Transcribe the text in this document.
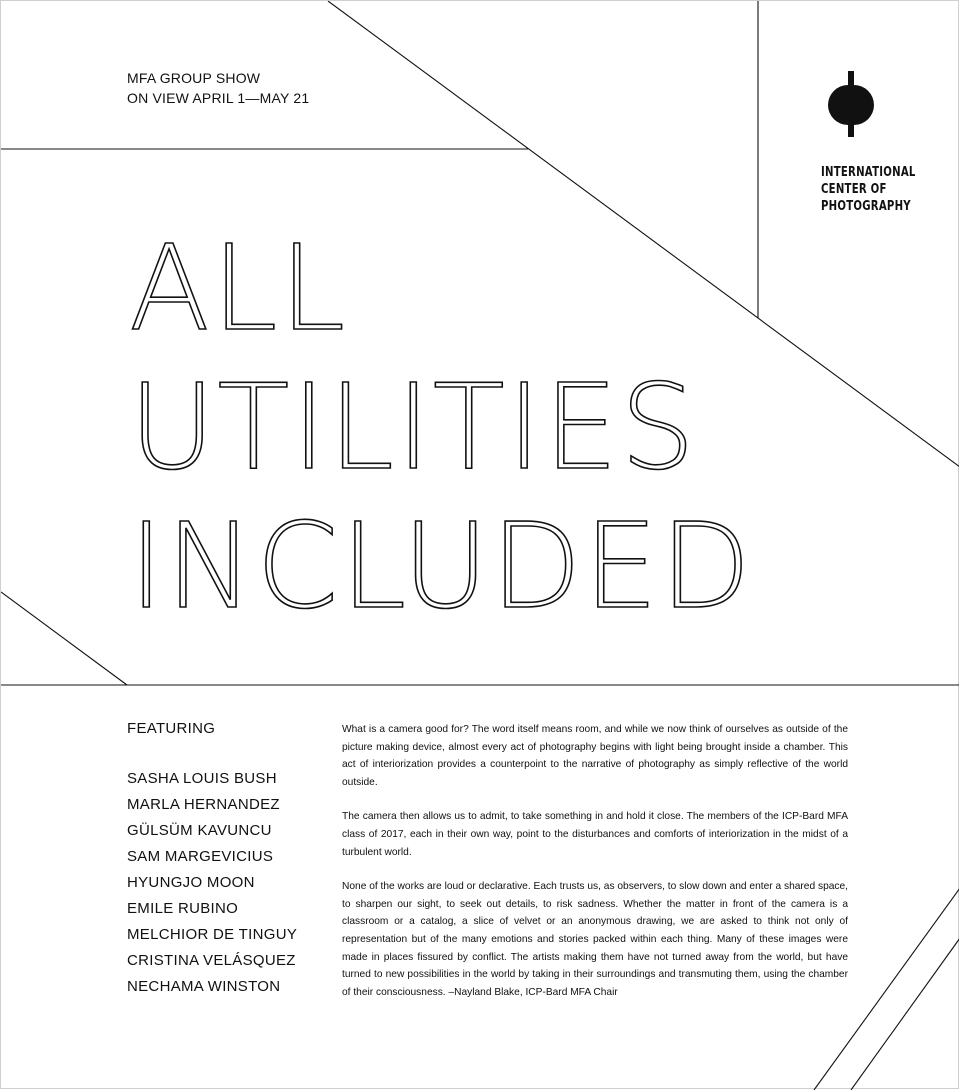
MFA GROUP SHOW
ON VIEW APRIL 1—MAY 21
INTERNATIONAL
CENTER OF
PHOTOGRAPHY
ALL
UTILITIES
INCLUDED
FEATURING
SASHA LOUIS BUSH
MARLA HERNANDEZ
GÜLSÜM KAVUNCU
SAM MARGEVICIUS
HYUNGJO MOON
EMILE RUBINO
MELCHIOR DE TINGUY
CRISTINA VELÁSQUEZ
NECHAMA WINSTON

What is a camera good for? The word itself means room, and while we now think of ourselves as outside of the picture making device, almost every act of photography begins with light being brought inside a chamber. This act of interiorization provides a counterpoint to the narrative of photography as simply reflective of the world outside.

The camera then allows us to admit, to take something in and hold it close. The members of the ICP-Bard MFA class of 2017, each in their own way, point to the disturbances and comforts of interiorization in the midst of a turbulent world.

None of the works are loud or declarative. Each trusts us, as observers, to slow down and enter a shared space, to sharpen our sight, to seek out details, to risk sadness. Whether the matter in front of the camera is a classroom or a catalog, a slice of velvet or an anonymous drawing, we are asked to think not only of representation but of the many emotions and stories packed within each thing. Many of these images were made in places fissured by conflict. The artists making them have not turned away from the world, but have turned to new possibilities in the world by taking in their surroundings and transmuting them, using the chamber of their consciousness. –Nayland Blake, ICP-Bard MFA Chair
